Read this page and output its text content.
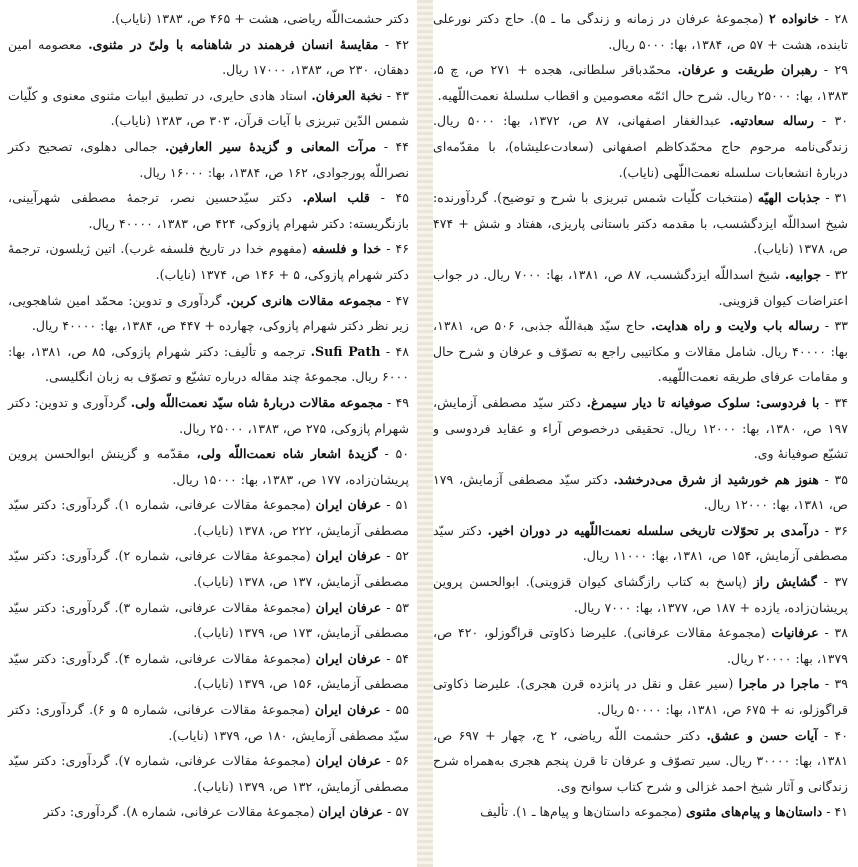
دکتر حشمت‌اللّه ریاضی، هشت + ۴۶۵ ص، ۱۳۸۳ (نایاب).

۴۲ - مقایسهٔ انسان فرهمند در شاهنامه با ولیّ در مثنوی. معصومه امین دهقان، ۲۳۰ ص، ۱۳۸۳، ۱۷۰۰۰ ریال.

۴۳ - نخبة العرفان. استاد هادی حایری، در تطبیق ابیات مثنوی معنوی و کلّیات شمس الدّین تبریزی با آیات قرآن، ۳۰۳ ص، ۱۳۸۳ (نایاب).

۴۴ - مرآت المعانی و گزیدهٔ سیر العارفین. جمالی دهلوی، تصحیح دکتر نصراللّه پورجوادی، ۱۶۲ ص، ۱۳۸۴، بها: ۱۶۰۰۰ ریال.

۴۵ - قلب اسلام. دکتر سیّدحسین نصر، ترجمهٔ مصطفی شهرآیینی، بازنگریسته: دکتر شهرام پازوکی، ۴۲۴ ص، ۱۳۸۳، ۴۰۰۰۰ ریال.

۴۶ - خدا و فلسفه (مفهوم خدا در تاریخ فلسفه غرب). اتین ژیلسون، ترجمهٔ دکتر شهرام پازوکی، ۵ + ۱۴۶ ص، ۱۳۷۴ (نایاب).

۴۷ - مجموعه مقالات هانری کربن. گردآوری و تدوین: محمّد امین شاهجویی، زیر نظر دکتر شهرام پازوکی، چهارده + ۴۴۷ ص، ۱۳۸۴، بها: ۴۰۰۰۰ ریال.

۴۸ - Sufi Path. ترجمه و تألیف: دکتر شهرام پازوکی، ۸۵ ص، ۱۳۸۱، بها: ۶۰۰۰ ریال. مجموعهٔ چند مقاله درباره تشیّع و تصوّف به زبان انگلیسی.

۴۹ - مجموعه مقالات دربارهٔ شاه سیّد نعمت‌اللّه ولی. گردآوری و تدوین: دکتر شهرام پازوکی، ۲۷۵ ص، ۱۳۸۳، ۲۵۰۰۰ ریال.

۵۰ - گزیدهٔ اشعار شاه نعمت‌اللّه ولی، مقدّمه و گزینش ابوالحسن پروین پریشان‌زاده، ۱۷۷ ص، ۱۳۸۳، بها: ۱۵۰۰۰ ریال.

۵۱ - عرفان ایران (مجموعهٔ مقالات عرفانی، شماره ۱). گردآوری: دکتر سیّد مصطفی آزمایش، ۲۲۲ ص، ۱۳۷۸ (نایاب).

۵۲ - عرفان ایران (مجموعهٔ مقالات عرفانی، شماره ۲). گردآوری: دکتر سیّد مصطفی آزمایش، ۱۳۷ ص، ۱۳۷۸ (نایاب).

۵۳ - عرفان ایران (مجموعهٔ مقالات عرفانی، شماره ۳). گردآوری: دکتر سیّد مصطفی آزمایش، ۱۷۳ ص، ۱۳۷۹ (نایاب).

۵۴ - عرفان ایران (مجموعهٔ مقالات عرفانی، شماره ۴). گردآوری: دکتر سیّد مصطفی آزمایش، ۱۵۶ ص، ۱۳۷۹ (نایاب).

۵۵ - عرفان ایران (مجموعهٔ مقالات عرفانی، شماره ۵ و ۶). گردآوری: دکتر سیّد مصطفی آزمایش، ۱۸۰ ص، ۱۳۷۹ (نایاب).

۵۶ - عرفان ایران (مجموعهٔ مقالات عرفانی، شماره ۷). گردآوری: دکتر سیّد مصطفی آزمایش، ۱۳۲ ص، ۱۳۷۹ (نایاب).

۵۷ - عرفان ایران (مجموعهٔ مقالات عرفانی، شماره ۸). گردآوری: دکتر

۲۸ - خانواده ۲ (مجموعهٔ عرفان در زمانه و زندگی ما ـ ۵). حاج دکتر نورعلی تابنده، هشت + ۵۷ ص، ۱۳۸۴، بها: ۵۰۰۰ ریال.

۲۹ - رهبران طریقت و عرفان. محمّدباقر سلطانی، هجده + ۲۷۱ ص، چ ۵، ۱۳۸۳، بها: ۲۵۰۰۰ ریال. شرح حال ائمّه معصومین و اقطاب سلسلهٔ نعمت‌اللّهیه.

۳۰ - رساله سعادتیه. عبدالغفار اصفهانی، ۸۷ ص، ۱۳۷۲، بها: ۵۰۰۰ ریال. زندگی‌نامه مرحوم حاج محمّدکاظم اصفهانی (سعادت‌علیشاه)، با مقدّمه‌ای دربارهٔ انشعابات سلسله نعمت‌اللّهی (نایاب).

۳۱ - جذبات الهیّه (منتخبات کلّیات شمس تبریزی با شرح و توضیح). گردآورنده: شیخ اسداللّه ایزدگشسب، با مقدمه دکتر باستانی پاریزی، هفتاد و شش + ۴۷۴ ص، ۱۳۷۸ (نایاب).

۳۲ - جوابیه. شیخ اسداللّه ایزدگشسب، ۸۷ ص، ۱۳۸۱، بها: ۷۰۰۰ ریال. در جواب اعتراضات کیوان قزوینی.

۳۳ - رساله باب ولایت و راه هدایت. حاج سیّد هبةاللّه جذبی، ۵۰۶ ص، ۱۳۸۱، بها: ۴۰۰۰۰ ریال. شامل مقالات و مکاتیبی راجع به تصوّف و عرفان و شرح حال و مقامات عرفای طریقه نعمت‌اللّهیه.

۳۴ - با فردوسی: سلوک صوفیانه تا دیار سیمرغ. دکتر سیّد مصطفی آزمایش، ۱۹۷ ص، ۱۳۸۰، بها: ۱۲۰۰۰ ریال. تحقیقی درخصوص آراء و عقاید فردوسی و تشیّع صوفیانهٔ وی.

۳۵ - هنوز هم خورشید از شرق می‌درخشد. دکتر سیّد مصطفی آزمایش، ۱۷۹ ص، ۱۳۸۱، بها: ۱۲۰۰۰ ریال.

۳۶ - درآمدی بر تحوّلات تاریخی سلسله نعمت‌اللّهیه در دوران اخیر. دکتر سیّد مصطفی آزمایش، ۱۵۴ ص، ۱۳۸۱، بها: ۱۱۰۰۰ ریال.

۳۷ - گشایش راز (پاسخ به کتاب رازگشای کیوان قزوینی). ابوالحسن پروین پریشان‌زاده، یازده + ۱۸۷ ص، ۱۳۷۷، بها: ۷۰۰۰ ریال.

۳۸ - عرفانیات (مجموعهٔ مقالات عرفانی). علیرضا ذکاوتی قراگوزلو، ۴۲۰ ص، ۱۳۷۹، بها: ۲۰۰۰۰ ریال.

۳۹ - ماجرا در ماجرا (سیر عقل و نقل در پانزده قرن هجری). علیرضا ذکاوتی قراگوزلو، نه + ۶۷۵ ص، ۱۳۸۱، بها: ۵۰۰۰۰ ریال.

۴۰ - آیات حسن و عشق. دکتر حشمت اللّه ریاضی، ۲ ج، چهار + ۶۹۷ ص، ۱۳۸۱، بها: ۳۰۰۰۰ ریال. سیر تصوّف و عرفان تا قرن پنجم هجری به‌همراه شرح زندگانی و آثار شیخ احمد غزالی و شرح کتاب سوانح وی.

۴۱ - داستان‌ها و پیام‌های مثنوی (مجموعه داستان‌ها و پیام‌ها ـ ۱). تألیف
